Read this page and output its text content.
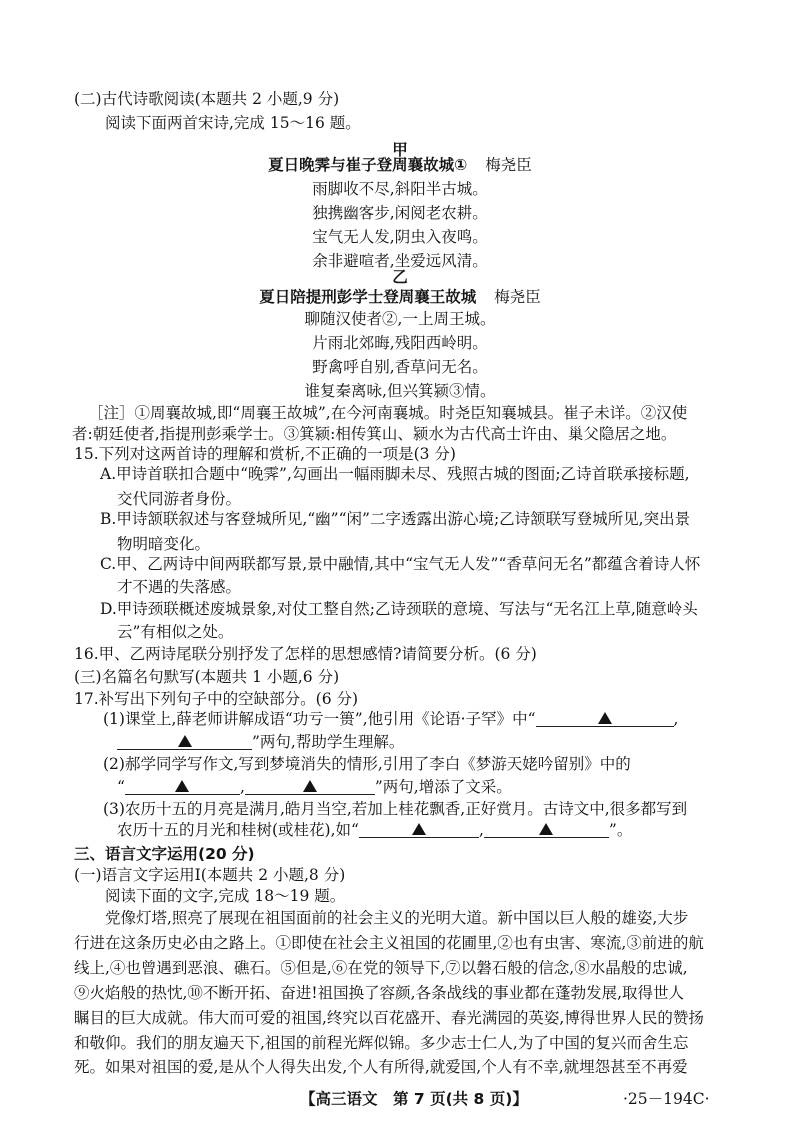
(二)古代诗歌阅读(本题共 2 小题,9 分)
阅读下面两首宋诗,完成 15～16 题。
甲
夏日晚霁与崔子登周襄故城① 梅尧臣
雨脚收不尽,斜阳半古城。
独携幽客步,闲阅老农耕。
宝气无人发,阴虫入夜鸣。
余非避喧者,坐爱远风清。
乙
夏日陪提刑彭学士登周襄王故城 梅尧臣
聊随汉使者②,一上周王城。
片雨北郊晦,残阳西岭明。
野禽呼自别,香草问无名。
谁复秦离咏,但兴箕颍③情。
［注］①周襄故城,即“周襄王故城”,在今河南襄城。时尧臣知襄城县。崔子未详。②汉使
者:朝廷使者,指提刑彭乘学士。③箕颍:相传箕山、颍水为古代高士许由、巢父隐居之地。
15.下列对这两首诗的理解和赏析,不正确的一项是(3 分)
A.甲诗首联扣合题中“晚霁”,勾画出一幅雨脚未尽、残照古城的图面;乙诗首联承接标题,
交代同游者身份。
B.甲诗颔联叙述与客登城所见,“幽”“闲”二字透露出游心境;乙诗颔联写登城所见,突出景
物明暗变化。
C.甲、乙两诗中间两联都写景,景中融情,其中“宝气无人发”“香草问无名”都蕴含着诗人怀
才不遇的失落感。
D.甲诗颈联概述废城景象,对仗工整自然;乙诗颈联的意境、写法与“无名江上草,随意岭头
云”有相似之处。
16.甲、乙两诗尾联分别抒发了怎样的思想感情?请简要分析。(6 分)
(三)名篇名句默写(本题共 1 小题,6 分)
17.补写出下列句子中的空缺部分。(6 分)
(1)课堂上,薛老师讲解成语“功亏一篑”,他引用《论语·子罕》中“	,
”两句,帮助学生理解。
(2)郝学同学写作文,写到梦境消失的情形,引用了李白《梦游天姥吟留别》中的
“	,	”两句,增添了文采。
(3)农历十五的月亮是满月,皓月当空,若加上桂花飘香,正好赏月。古诗文中,很多都写到
农历十五的月光和桂树(或桂花),如“	,	”。
三、语言文字运用(20 分)
(一)语言文字运用Ⅰ(本题共 2 小题,8 分)
阅读下面的文字,完成 18～19 题。
党像灯塔,照亮了展现在祖国面前的社会主义的光明大道。新中国以巨人般的雄姿,大步
行进在这条历史必由之路上。①即使在社会主义祖国的花圃里,②也有虫害、寒流,③前进的航
线上,④也曾遇到恶浪、礁石。⑤但是,⑥在党的领导下,⑦以磐石般的信念,⑧水晶般的忠诚,
⑨火焰般的热忱,⑩不断开拓、奋进!祖国换了容颜,各条战线的事业都在蓬勃发展,取得世人
瞩目的巨大成就。伟大而可爱的祖国,终究以百花盛开、春光满园的英姿,博得世界人民的赞扬
和敬仰。我们的朋友遍天下,祖国的前程光辉似锦。多少志士仁人,为了中国的复兴而舍生忘
死。如果对祖国的爱,是从个人得失出发,个人有所得,就爱国,个人有不幸,就埋怨甚至不再爱
【高三语文　第 7 页(共 8 页)】	·25－194C·
